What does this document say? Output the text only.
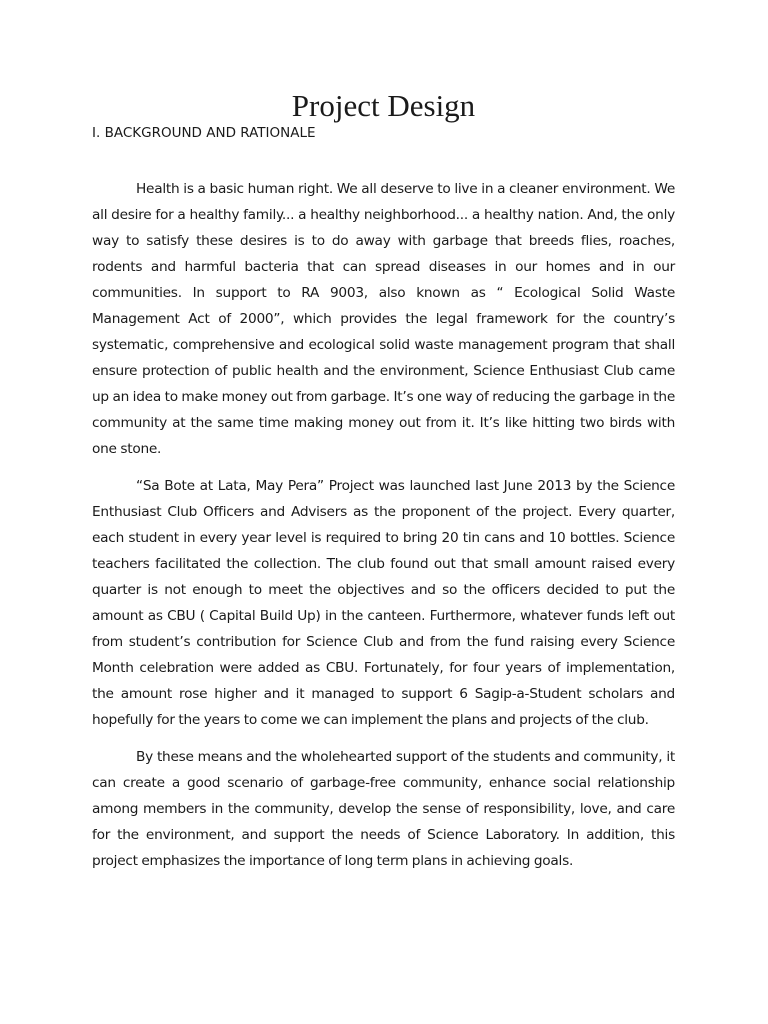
Project Design
I. BACKGROUND AND RATIONALE

Health is a basic human right. We all deserve to live in a cleaner environment. We all desire for a healthy family... a healthy neighborhood... a healthy nation. And, the only way to satisfy these desires is to do away with garbage that breeds flies, roaches, rodents and harmful bacteria that can spread diseases in our homes and in our communities. In support to RA 9003, also known as “ Ecological Solid Waste Management Act of 2000”, which provides the legal framework for the country’s systematic, comprehensive and ecological solid waste management program that shall ensure protection of public health and the environment, Science Enthusiast Club came up an idea to make money out from garbage. It’s one way of reducing the garbage in the community at the same time making money out from it. It’s like hitting two birds with one stone.

“Sa Bote at Lata, May Pera” Project was launched last June 2013 by the Science Enthusiast Club Officers and Advisers as the proponent of the project. Every quarter, each student in every year level is required to bring 20 tin cans and 10 bottles. Science teachers facilitated the collection. The club found out that small amount raised every quarter is not enough to meet the objectives and so the officers decided to put the amount as CBU ( Capital Build Up) in the canteen. Furthermore, whatever funds left out from student’s contribution for Science Club and from the fund raising every Science Month celebration were added as CBU. Fortunately, for four years of implementation, the amount rose higher and it managed to support 6 Sagip-a-Student scholars and hopefully for the years to come we can implement the plans and projects of the club.

By these means and the wholehearted support of the students and community, it can create a good scenario of garbage-free community, enhance social relationship among members in the community, develop the sense of responsibility, love, and care for the environment, and support the needs of Science Laboratory. In addition, this project emphasizes the importance of long term plans in achieving goals.
